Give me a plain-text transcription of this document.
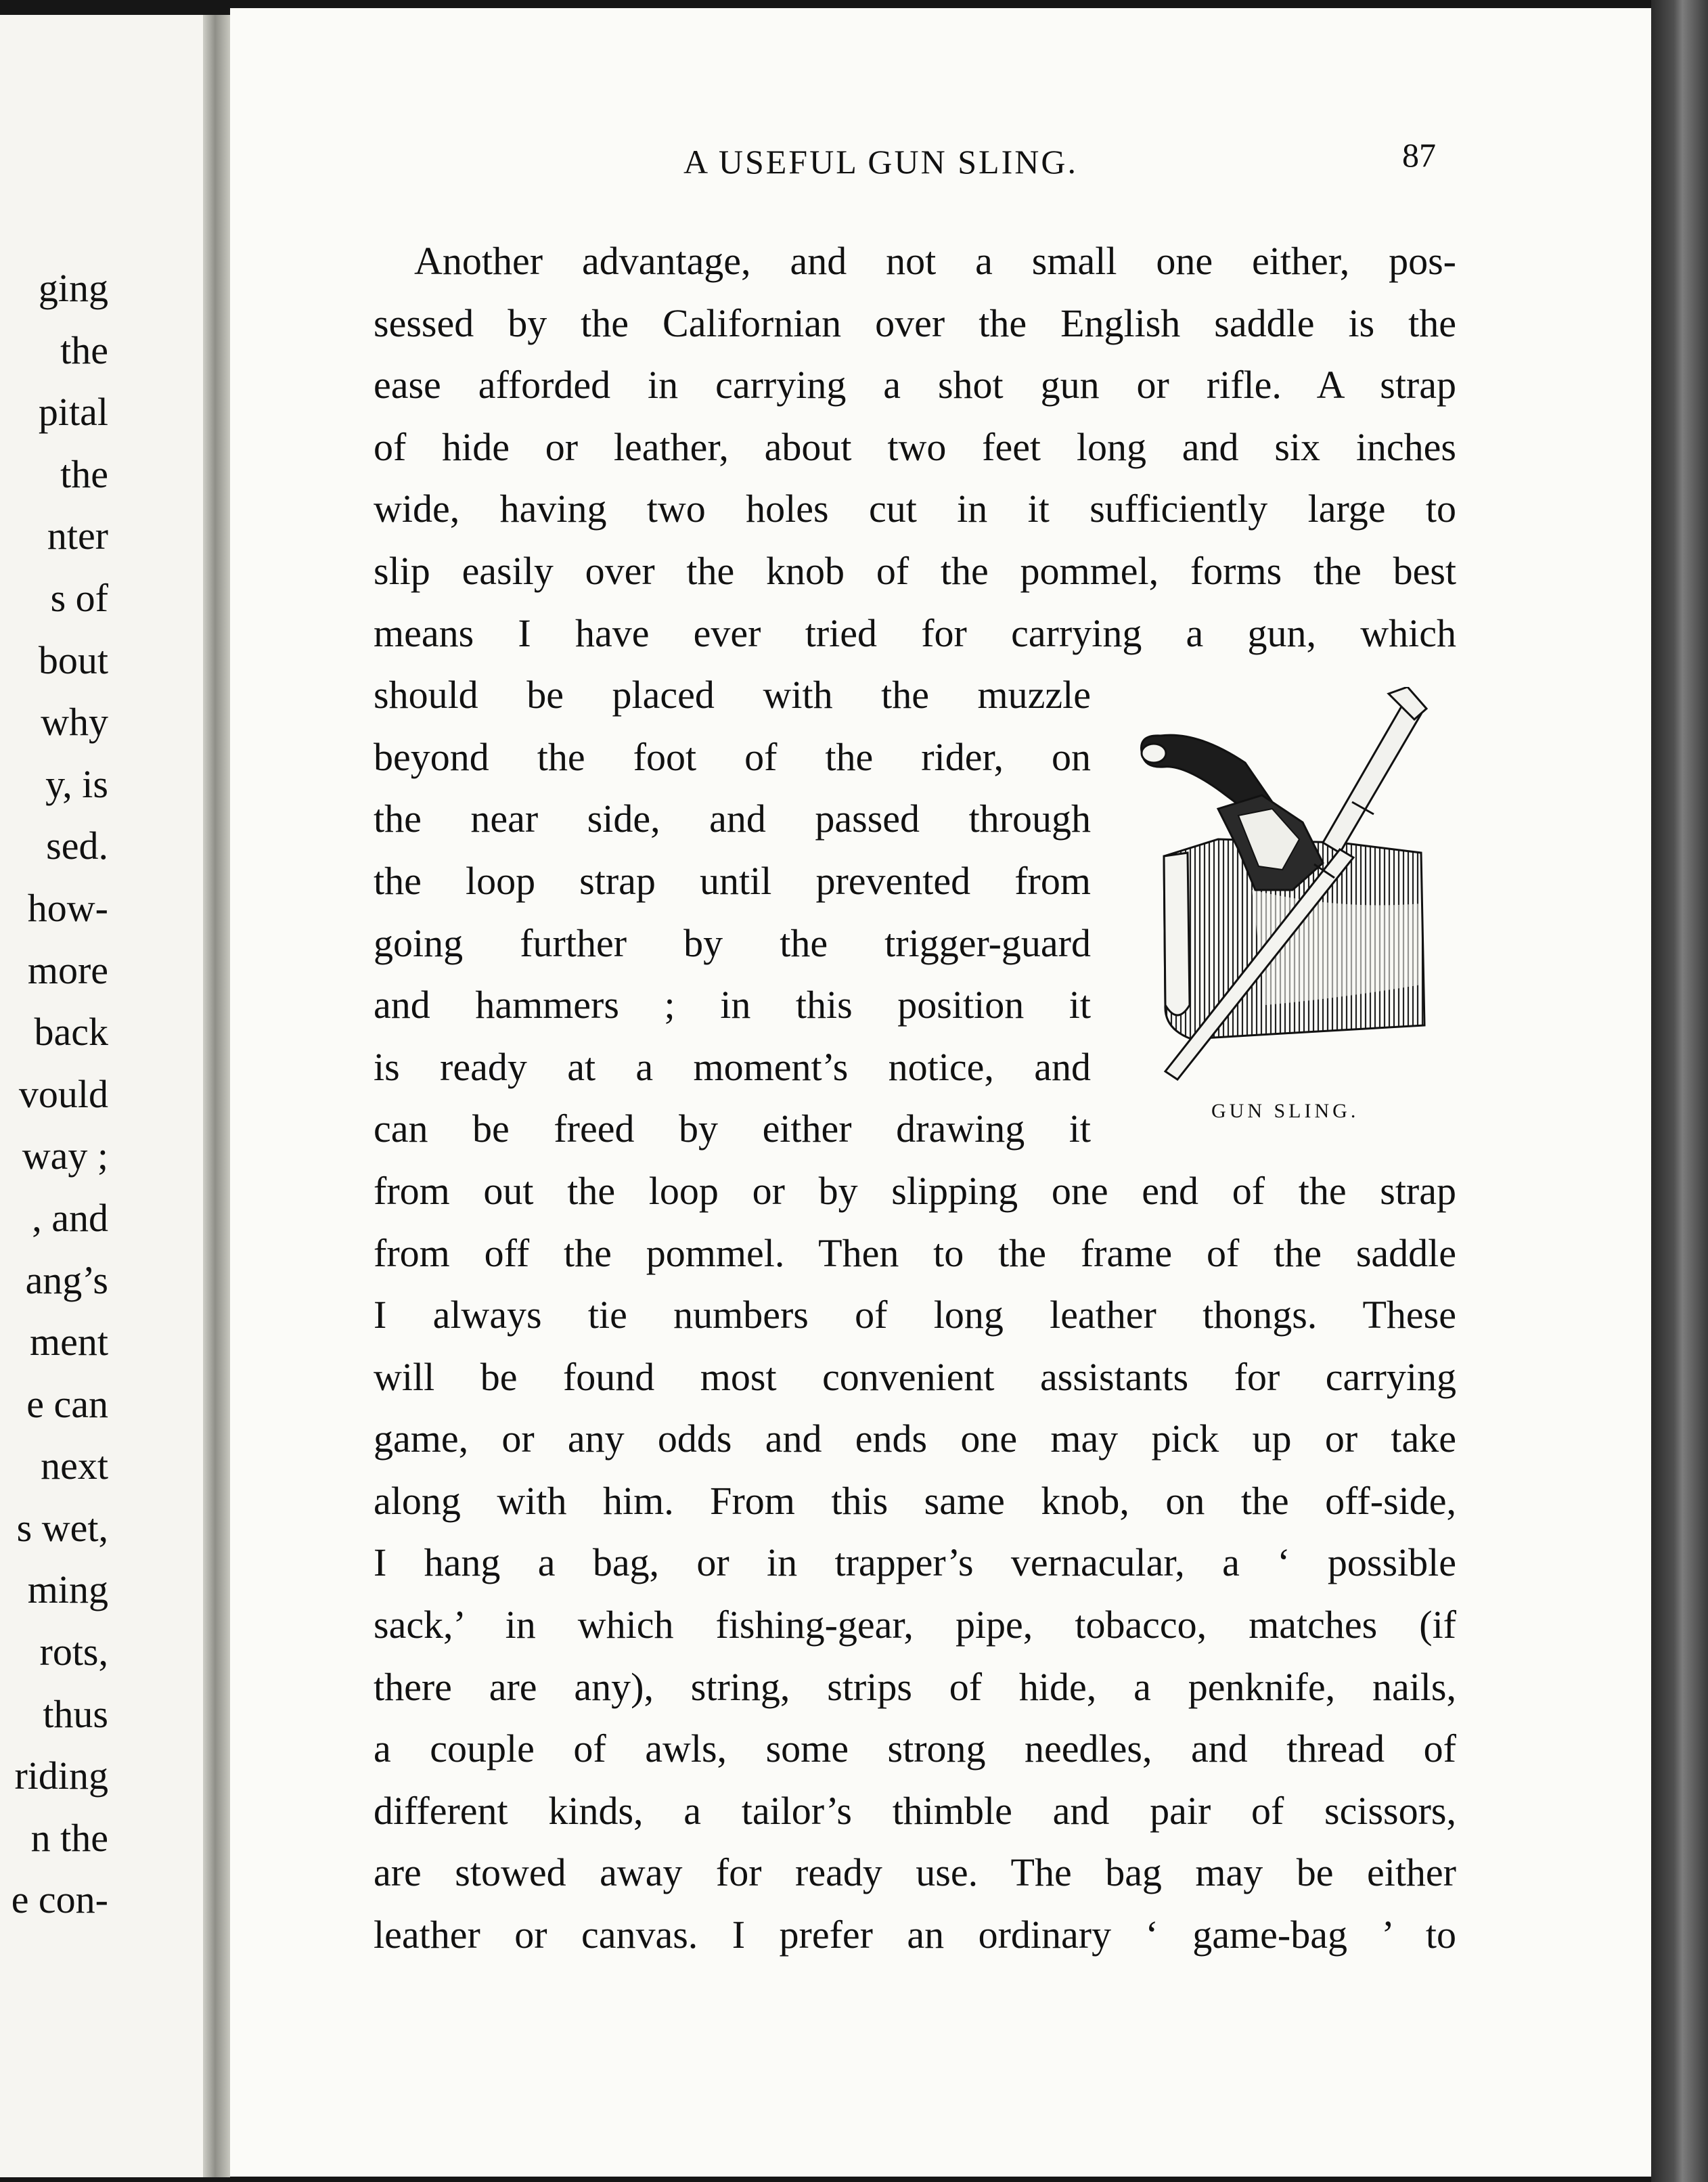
ging
the
pital
the
nter
s of
bout
why
y, is
sed.
how-
more
back
vould
way ;
, and
ang’s
ment
e can
next
s wet,
ming
rots,
thus
riding
n the
e con-
A USEFUL GUN SLING.	87
Another advantage, and not a small one either, pos-
sessed by the Californian over the English saddle is the
ease afforded in carrying a shot gun or rifle. A strap
of hide or leather, about two feet long and six inches
wide, having two holes cut in it sufficiently large to
slip easily over the knob of the pommel, forms the best
means I have ever tried for carrying a gun, which
should be placed with the muzzle
beyond the foot of the rider, on
the near side, and passed through
the loop strap until prevented from
going further by the trigger-guard
and hammers ; in this position it
is ready at a moment’s notice, and
can be freed by either drawing it
from out the loop or by slipping one end of the strap
from off the pommel. Then to the frame of the saddle
I always tie numbers of long leather thongs. These
will be found most convenient assistants for carrying
game, or any odds and ends one may pick up or take
along with him. From this same knob, on the off-side,
I hang a bag, or in trapper’s vernacular, a ‘ possible
sack,’ in which fishing-gear, pipe, tobacco, matches (if
there are any), string, strips of hide, a penknife, nails,
a couple of awls, some strong needles, and thread of
different kinds, a tailor’s thimble and pair of scissors,
are stowed away for ready use. The bag may be either
leather or canvas. I prefer an ordinary ‘ game-bag ’ to
GUN SLING.
